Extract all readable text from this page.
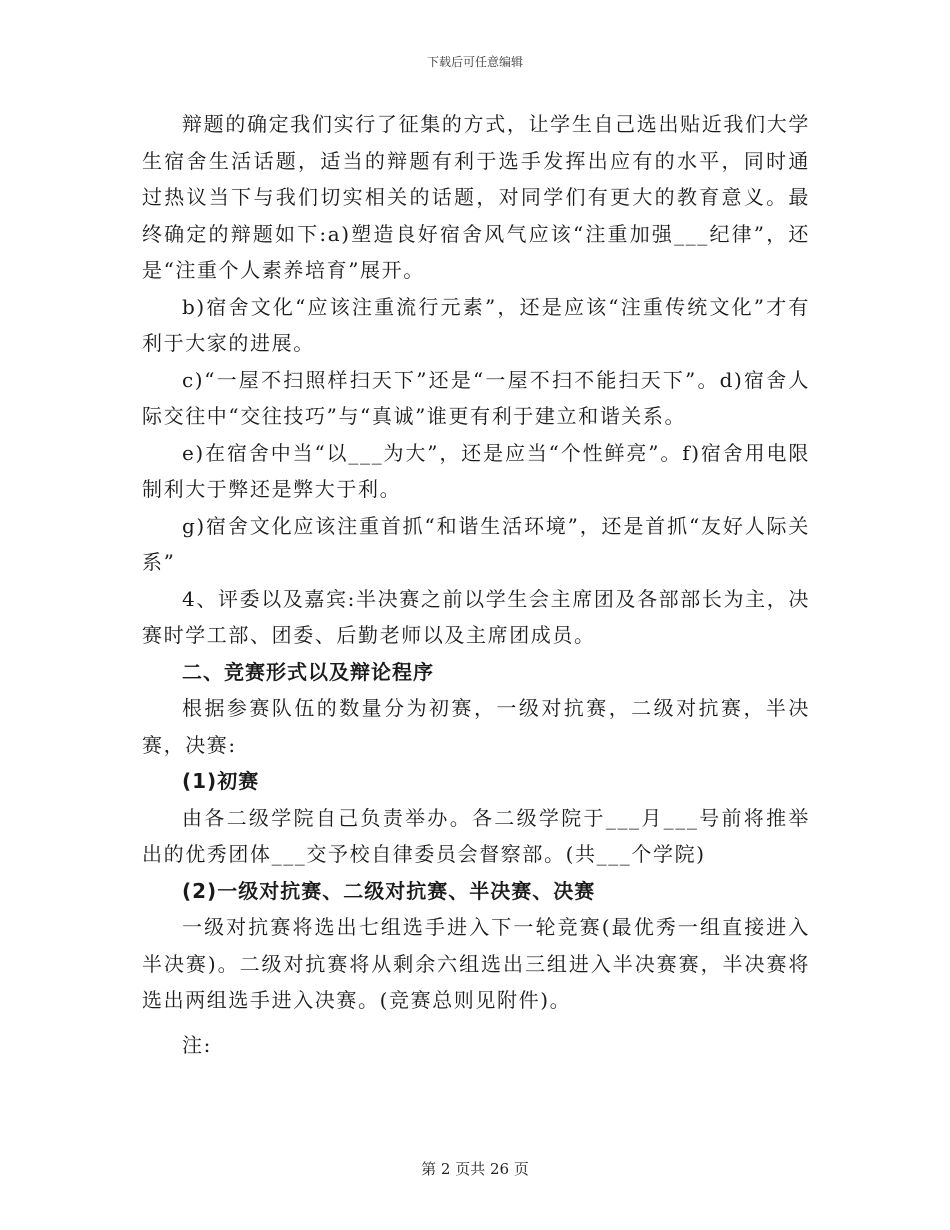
下载后可任意编辑

辩题的确定我们实行了征集的方式，让学生自己选出贴近我们大学生宿舍生活话题，适当的辩题有利于选手发挥出应有的水平，同时通过热议当下与我们切实相关的话题，对同学们有更大的教育意义。最终确定的辩题如下:a)塑造良好宿舍风气应该“注重加强___纪律”，还是“注重个人素养培育”展开。

b)宿舍文化“应该注重流行元素”，还是应该“注重传统文化”才有利于大家的进展。

c)“一屋不扫照样扫天下”还是“一屋不扫不能扫天下”。d)宿舍人际交往中“交往技巧”与“真诚”谁更有利于建立和谐关系。

e)在宿舍中当“以___为大”，还是应当“个性鲜亮”。f)宿舍用电限制利大于弊还是弊大于利。

g)宿舍文化应该注重首抓“和谐生活环境”，还是首抓“友好人际关系”

4、评委以及嘉宾:半决赛之前以学生会主席团及各部部长为主，决赛时学工部、团委、后勤老师以及主席团成员。

二、竞赛形式以及辩论程序

根据参赛队伍的数量分为初赛，一级对抗赛，二级对抗赛，半决赛，决赛:

(1)初赛

由各二级学院自己负责举办。各二级学院于___月___号前将推举出的优秀团体___交予校自律委员会督察部。(共___个学院)

(2)一级对抗赛、二级对抗赛、半决赛、决赛

一级对抗赛将选出七组选手进入下一轮竞赛(最优秀一组直接进入半决赛)。二级对抗赛将从剩余六组选出三组进入半决赛赛，半决赛将选出两组选手进入决赛。(竞赛总则见附件)。

注:

第 2 页共 26 页
